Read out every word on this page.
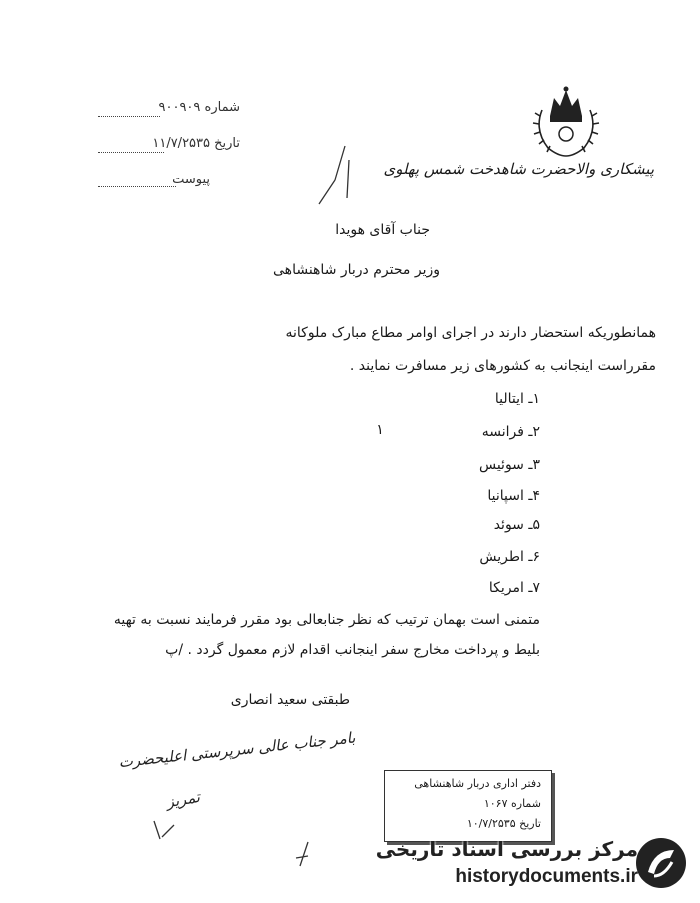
پیشکاری والاحضرت شاهدخت شمس پهلوی
شماره ۹۰۰۹۰۹
تاریخ ۱۱/۷/۲۵۳۵
پیوست
جناب آقای هویدا
وزیر محترم دربار شاهنشاهی
همانطوریکه استحضار دارند در اجرای اوامر مطاع مبارک ملوکانه
مقرراست اینجانب به کشورهای زیر مسافرت نمایند .
۱ـ ایتالیا
۲ـ فرانسه
۱
۳ـ سوئیس
۴ـ اسپانیا
۵ـ سوئد
۶ـ اطریش
۷ـ امریکا
متمنی است بهمان ترتیب که نظر جنابعالی بود مقرر فرمایند نسبت به تهیه
بلیط و پرداخت مخارج سفر اینجانب اقدام لازم معمول گردد . /پ
طبقتی سعید انصاری
بامر جناب عالی سرپرستی اعلیحضرت
تمریز
دفتر اداری دربار شاهنشاهی
شماره ۱۰۶۷
تاریخ ۱۰/۷/۲۵۳۵
مرکز بررسی اسناد تاریخی
historydocuments.ir
